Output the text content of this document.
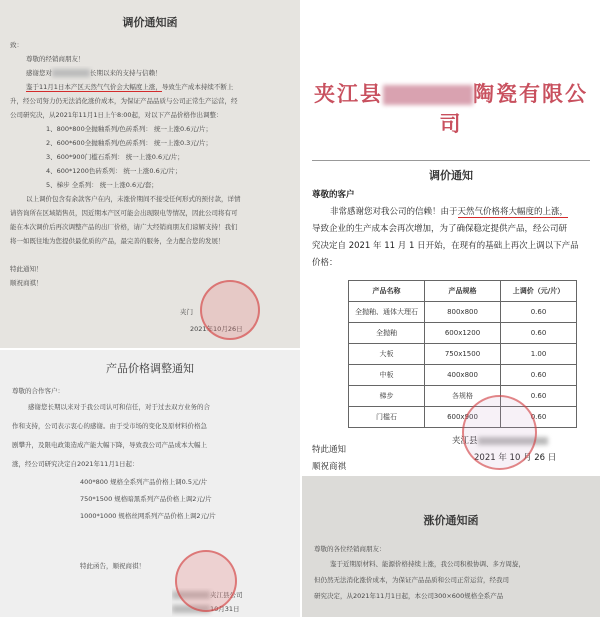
调价通知函
致：
尊敬的经销商朋友！
感谢您对	长期以来的支持与信赖！
鉴于11月1日本产区天然气气价会大幅度上涨，导致生产成本持续不断上
升，经公司努力仍无法消化涨价成本，为保证产品品质与公司正常生产运营，经
公司研究决，从2021年11月1日上午8:00起，对以下产品价格作出调整：
1、800*800全抛釉系列/色砖系列： 统一上涨0.6元/片；
2、600*600全抛釉系列/色砖系列： 统一上涨0.3元/片；
3、600*900门槛石系列： 统一上涨0.6元/片；
4、600*1200色砖系列： 统一上涨0.6元/片；
5、梯步 全系列： 统一上涨0.6元/套；
以上调价包含有余款客户在内，未涨价期间不接受任何形式的预付款，详情
请咨询所在区域销售员，因近期本产区可能会出现限电等情况，因此公司将有可
能在本次调价后再次调整产品的出厂价格，请广大经销商朋友们谅解支持！我们
将一如既往地为您提供最优质的产品，最完善的服务，全力配合您的发展！
特此通知！
顺祝商祺！
夹门
2021年10月26日
夹江县	陶瓷有限公司
调价通知
尊敬的客户
非常感谢您对我公司的信赖！由于天然气价格将大幅度的上涨，
导致企业的生产成本会再次增加，为了确保稳定提供产品，经公司研
究决定自 2021 年 11 月 1 日开始，在现有的基础上再次上调以下产品
价格：
产品名称	产品规格	上调价（元/片）
全抛釉、通体大理石	800x800	0.60
全抛釉	600x1200	0.60
大板	750x1500	1.00
中板	400x800	0.60
梯步	各规格	0.60
门槛石	600x900	0.60
特此通知
顺祝商祺
夹江县
2021 年 10 月 26 日
产品价格调整通知
尊敬的合作客户：
感谢您长期以来对于我公司认可和信任，对于过去双方业务的合
作和支持，公司表示衷心的感谢。由于受市场的变化及原材料价格急
剧攀升，及限电政策造成产能大幅下降，导致我公司产品成本大幅上
涨，经公司研究决定自2021年11月1日起：
400*800 规格全系列产品价格上调0.5元/片
750*1500 规格暗黑系列产品价格上调2元/片
1000*1000 规格丝网系列产品价格上调2元/片
特此函告，顺祝商祺！
夹江县公司
10月31日
涨价通知函
尊敬的各位经销商朋友：
鉴于近期原材料、能源价格持续上涨，我公司积极协调、多方周旋，
但仍然无法消化涨价成本，为保证产品品质和公司正常运营，经我司
研究决定，从2021年11月1日起，本公司300×600规格全系产品
